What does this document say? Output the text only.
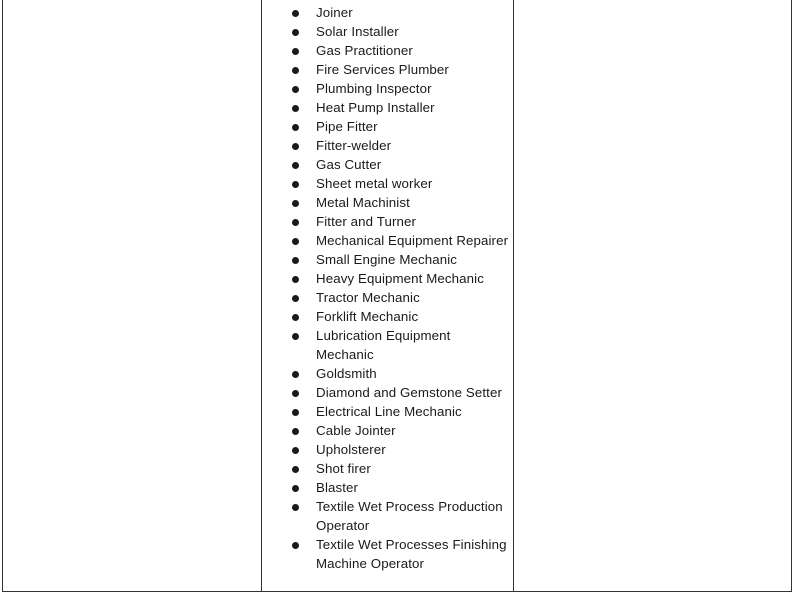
Joiner
Solar Installer
Gas Practitioner
Fire Services Plumber
Plumbing Inspector
Heat Pump Installer
Pipe Fitter
Fitter-welder
Gas Cutter
Sheet metal worker
Metal Machinist
Fitter and Turner
Mechanical Equipment Repairer
Small Engine Mechanic
Heavy Equipment Mechanic
Tractor Mechanic
Forklift Mechanic
Lubrication Equipment Mechanic
Goldsmith
Diamond and Gemstone Setter
Electrical Line Mechanic
Cable Jointer
Upholsterer
Shot firer
Blaster
Textile Wet Process Production Operator
Textile Wet Processes Finishing Machine Operator
